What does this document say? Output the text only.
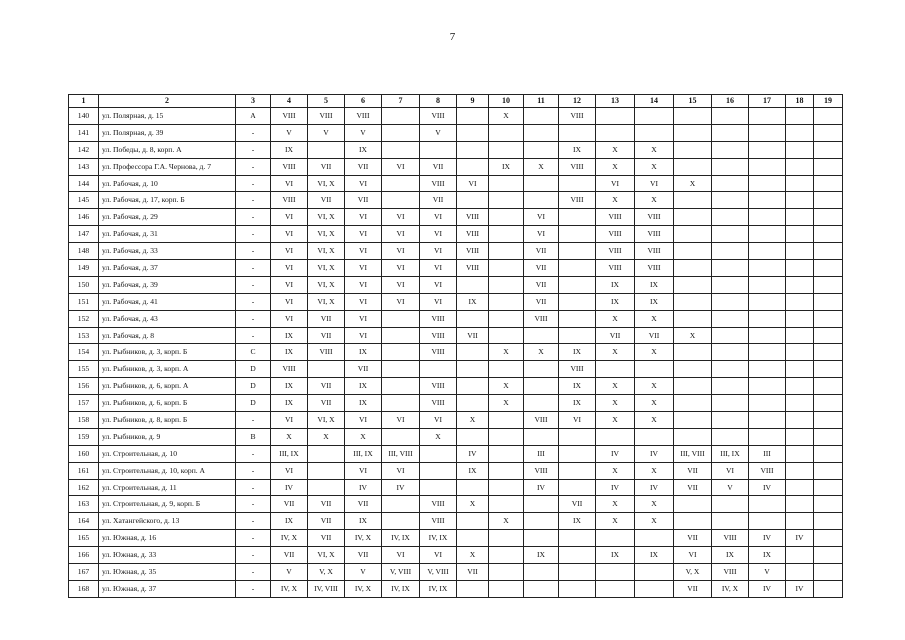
7
1	2	3	4	5	6	7	8	9	10	11	12	13	14	15	16	17	18	19
140	ул. Полярная, д. 15	A	VIII	VIII	VIII		VIII		X		VIII							
141	ул. Полярная, д. 39	-	V	V	V		V											
142	ул. Победы, д. 8, корп. А	-	IX		IX						IX	X	X					
143	ул. Профессора Г.А. Чернова, д. 7	-	VIII	VII	VII	VI	VII		IX	X	VIII	X	X					
144	ул. Рабочая, д. 10	-	VI	VI, X	VI		VIII	VI				VI	VI	X				
145	ул. Рабочая, д. 17, корп. Б	-	VIII	VII	VII		VII				VIII	X	X					
146	ул. Рабочая, д. 29	-	VI	VI, X	VI	VI	VI	VIII		VI		VIII	VIII					
147	ул. Рабочая, д. 31	-	VI	VI, X	VI	VI	VI	VIII		VI		VIII	VIII					
148	ул. Рабочая, д. 33	-	VI	VI, X	VI	VI	VI	VIII		VII		VIII	VIII					
149	ул. Рабочая, д. 37	-	VI	VI, X	VI	VI	VI	VIII		VII		VIII	VIII					
150	ул. Рабочая, д. 39	-	VI	VI, X	VI	VI	VI			VII		IX	IX					
151	ул. Рабочая, д. 41	-	VI	VI, X	VI	VI	VI	IX		VII		IX	IX					
152	ул. Рабочая, д. 43	-	VI	VII	VI		VIII			VIII		X	X					
153	ул. Рабочая, д. 8	-	IX	VII	VI		VIII	VII				VII	VII	X				
154	ул. Рыбников, д. 3, корп. Б	C	IX	VIII	IX		VIII		X	X	IX	X	X					
155	ул. Рыбников, д. 3, корп. А	D	VIII		VII						VIII							
156	ул. Рыбников, д. 6, корп. А	D	IX	VII	IX		VIII		X		IX	X	X					
157	ул. Рыбников, д. 6, корп. Б	D	IX	VII	IX		VIII		X		IX	X	X					
158	ул. Рыбников, д. 8, корп. Б	-	VI	VI, X	VI	VI	VI	X		VIII	VI	X	X					
159	ул. Рыбников, д. 9	B	X	X	X		X											
160	ул. Строительная, д. 10	-	III, IX		III, IX	III, VIII		IV		III		IV	IV	III, VIII	III, IX	III		
161	ул. Строительная, д. 10, корп. А	-	VI		VI	VI		IX		VIII		X	X	VII	VI	VIII		
162	ул. Строительная, д. 11	-	IV		IV	IV				IV		IV	IV	VII	V	IV		
163	ул. Строительная, д. 9, корп. Б	-	VII	VII	VII		VIII	X			VII	X	X					
164	ул. Хатангейского, д. 13	-	IX	VII	IX		VIII		X		IX	X	X					
165	ул. Южная, д. 16	-	IV, X	VII	IV, X	IV, IX	IV, IX							VII	VIII	IV	IV	
166	ул. Южная, д. 33	-	VII	VI, X	VII	VI	VI	X		IX		IX	IX	VI	IX	IX		
167	ул. Южная, д. 35	-	V	V, X	V	V, VIII	V, VIII	VII						V, X	VIII	V		
168	ул. Южная, д. 37	-	IV, X	IV, VIII	IV, X	IV, IX	IV, IX							VII	IV, X	IV	IV	
